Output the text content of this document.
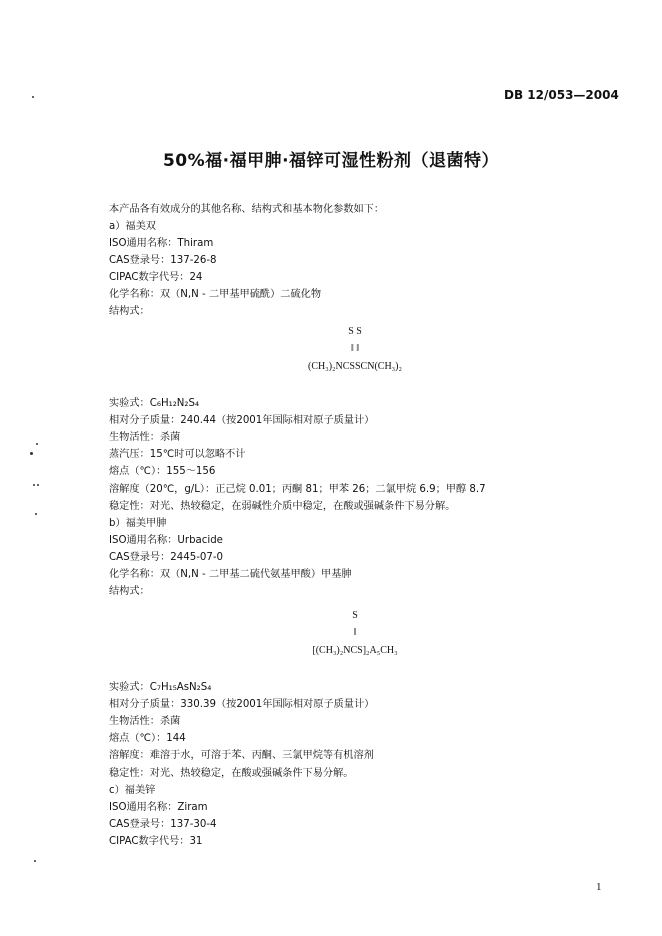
DB 12/053—2004
50%福·福甲胂·福锌可湿性粉剂（退菌特）
本产品各有效成分的其他名称、结构式和基本物化参数如下：
a）福美双
ISO通用名称：Thiram
CAS登录号：137-26-8
CIPAC数字代号：24
化学名称：双（N,N - 二甲基甲硫酰）二硫化物
结构式：
S S
‖ ‖
(CH₃)₂NCSSCN(CH₃)₂
实验式：C₆H₁₂N₂S₄
相对分子质量：240.44（按2001年国际相对原子质量计）
生物活性：杀菌
蒸汽压：15℃时可以忽略不计
熔点（℃）：155～156
溶解度（20℃，g/L）：正己烷 0.01；丙酮 81；甲苯 26；二氯甲烷 6.9；甲醇 8.7
稳定性：对光、热较稳定，在弱碱性介质中稳定，在酸或强碱条件下易分解。
b）福美甲胂
ISO通用名称：Urbacide
CAS登录号：2445-07-0
化学名称：双（N,N - 二甲基二硫代氨基甲酸）甲基胂
结构式：
S
‖
[(CH₃)₂NCS]₂A₅CH₃
实验式：C₇H₁₅AsN₂S₄
相对分子质量：330.39（按2001年国际相对原子质量计）
生物活性：杀菌
熔点（℃）：144
溶解度：难溶于水，可溶于苯、丙酮、三氯甲烷等有机溶剂
稳定性：对光、热较稳定，在酸或强碱条件下易分解。
c）福美锌
ISO通用名称：Ziram
CAS登录号：137-30-4
CIPAC数字代号：31
1
